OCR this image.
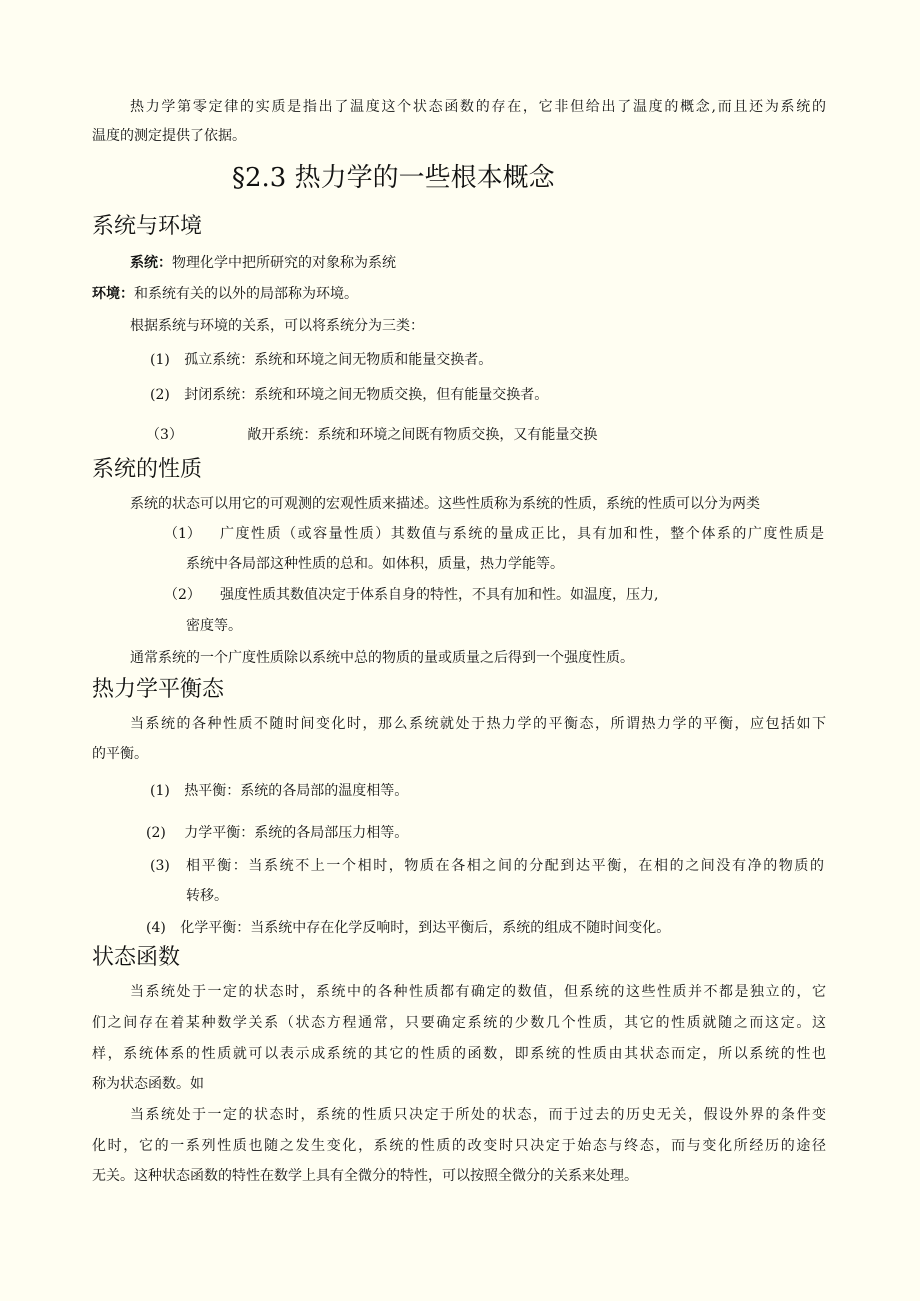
热力学第零定律的实质是指出了温度这个状态函数的存在，它非但给出了温度的概念,而且还为系统的
温度的测定提供了依据。
§2.3 热力学的一些根本概念
系统与环境
系统：物理化学中把所研究的对象称为系统
环境：和系统有关的以外的局部称为环境。
根据系统与环境的关系，可以将系统分为三类：
(1) 孤立系统：系统和环境之间无物质和能量交换者。
(2) 封闭系统：系统和环境之间无物质交换，但有能量交换者。
（3）	敞开系统：系统和环境之间既有物质交换，又有能量交换
系统的性质
系统的状态可以用它的可观测的宏观性质来描述。这些性质称为系统的性质，系统的性质可以分为两类
（1） 广度性质（或容量性质）其数值与系统的量成正比，具有加和性，整个体系的广度性质是
系统中各局部这种性质的总和。如体积，质量，热力学能等。
（2） 强度性质其数值决定于体系自身的特性，不具有加和性。如温度，压力,
密度等。
通常系统的一个广度性质除以系统中总的物质的量或质量之后得到一个强度性质。
热力学平衡态
当系统的各种性质不随时间变化时，那么系统就处于热力学的平衡态，所谓热力学的平衡，应包括如下
的平衡。
(1) 热平衡：系统的各局部的温度相等。
(2) 力学平衡：系统的各局部压力相等。
(3) 相平衡：当系统不上一个相时，物质在各相之间的分配到达平衡，在相的之间没有净的物质的
转移。
(4) 化学平衡：当系统中存在化学反响时，到达平衡后，系统的组成不随时间变化。
状态函数
当系统处于一定的状态时，系统中的各种性质都有确定的数值，但系统的这些性质并不都是独立的，它
们之间存在着某种数学关系（状态方程通常，只要确定系统的少数几个性质，其它的性质就随之而这定。这
样，系统体系的性质就可以表示成系统的其它的性质的函数，即系统的性质由其状态而定，所以系统的性也
称为状态函数。如
当系统处于一定的状态时，系统的性质只决定于所处的状态，而于过去的历史无关，假设外界的条件变
化时，它的一系列性质也随之发生变化，系统的性质的改变时只决定于始态与终态，而与变化所经历的途径
无关。这种状态函数的特性在数学上具有全微分的特性，可以按照全微分的关系来处理。
